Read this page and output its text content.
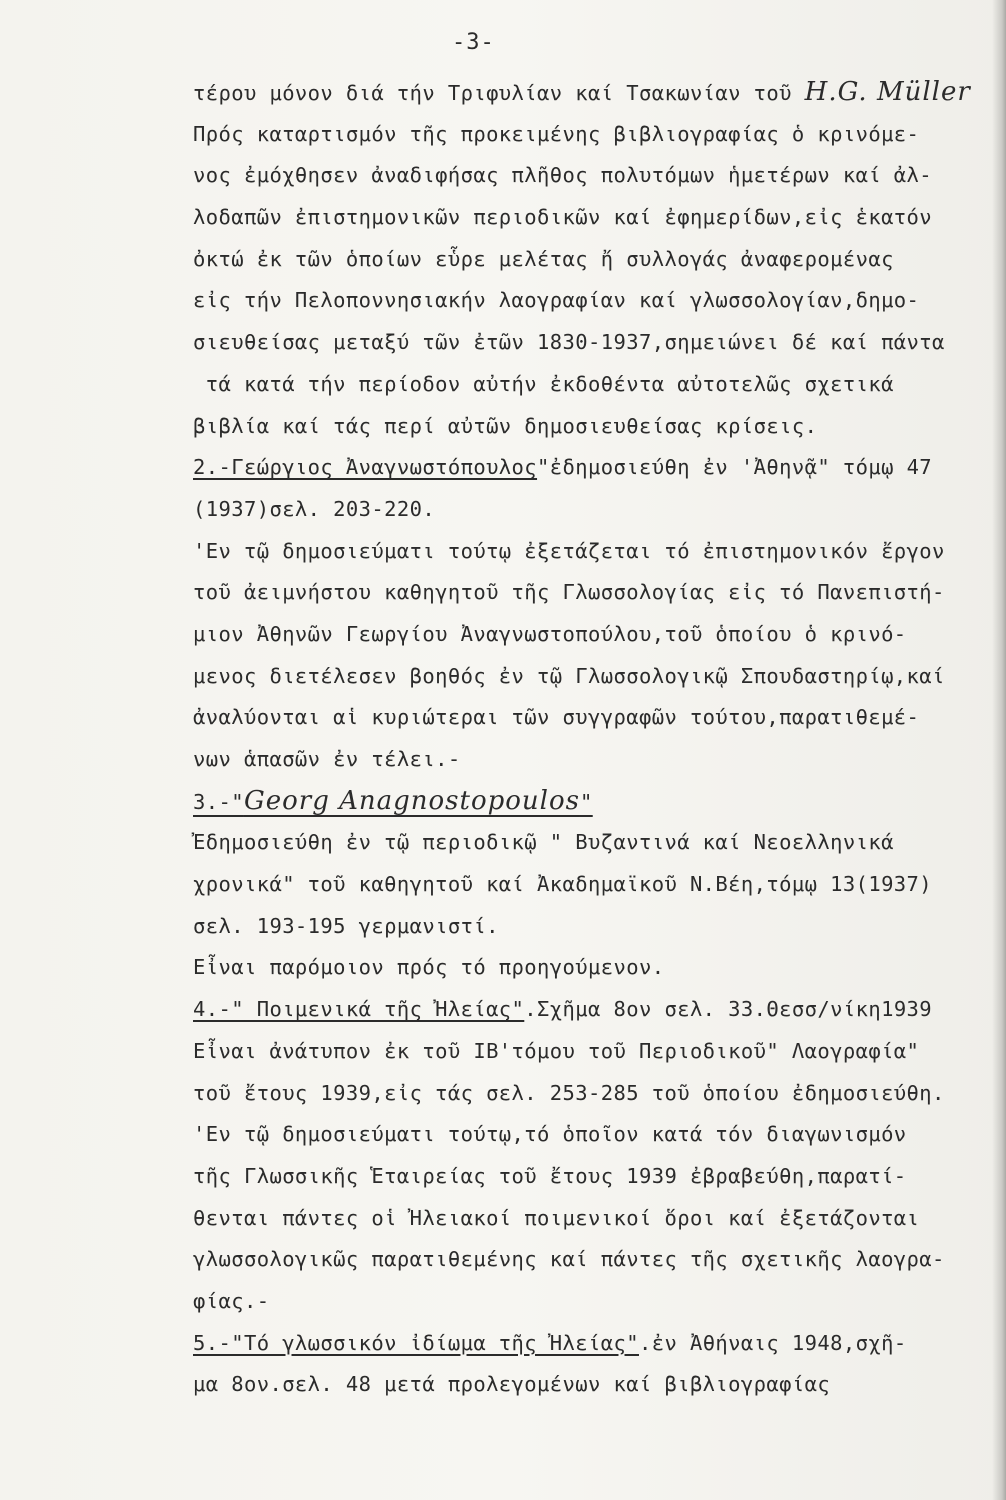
-3-
τέρου μόνον διά τήν Τριφυλίαν καί Τσακωνίαν τοῦ H.G. Müller
Πρός καταρτισμόν τῆς προκειμένης βιβλιογραφίας ὁ κρινόμε-
νος ἐμόχθησεν ἀναδιφήσας πλῆθος πολυτόμων ἡμετέρων καί ἀλ-
λοδαπῶν ἐπιστημονικῶν περιοδικῶν καί ἐφημερίδων,εἰς ἑκατόν
ὀκτώ ἐκ τῶν ὁποίων εὗρε μελέτας ἤ συλλογάς ἀναφερομένας
εἰς τήν Πελοποννησιακήν λαογραφίαν καί γλωσσολογίαν,δημο-
σιευθείσας μεταξύ τῶν ἐτῶν 1830-1937,σημειώνει δέ καί πάντα
τά κατά τήν περίοδον αὐτήν ἐκδοθέντα αὐτοτελῶς σχετικά
βιβλία καί τάς περί αὐτῶν δημοσιευθείσας κρίσεις.
2.-Γεώργιος Ἀναγνωστόπουλος"ἐδημοσιεύθη ἐν 'Ἀθηνᾷ" τόμῳ 47
(1937)σελ. 203-220.
'Εν τῷ δημοσιεύματι τούτῳ ἐξετάζεται τό ἐπιστημονικόν ἔργον
τοῦ ἀειμνήστου καθηγητοῦ τῆς Γλωσσολογίας εἰς τό Πανεπιστή-
μιον Ἀθηνῶν Γεωργίου Ἀναγνωστοπούλου,τοῦ ὁποίου ὁ κρινό-
μενος διετέλεσεν βοηθός ἐν τῷ Γλωσσολογικῷ Σπουδαστηρίῳ,καί
ἀναλύονται αἱ κυριώτεραι τῶν συγγραφῶν τούτου,παρατιθεμέ-
νων ἁπασῶν ἐν τέλει.-
3.-"Georg Anagnostopoulos"
Ἐδημοσιεύθη ἐν τῷ περιοδικῷ " Βυζαντινά καί Νεοελληνικά
χρονικά" τοῦ καθηγητοῦ καί Ἀκαδημαϊκοῦ Ν.Βέη,τόμῳ 13(1937)
σελ. 193-195 γερμανιστί.
Εἶναι παρόμοιον πρός τό προηγούμενον.
4.-" Ποιμενικά τῆς Ἠλείας".Σχῆμα 8ον σελ. 33.Θεσσ/νίκη1939
Εἶναι ἀνάτυπον ἐκ τοῦ ΙΒ'τόμου τοῦ Περιοδικοῦ" Λαογραφία"
τοῦ ἔτους 1939,εἰς τάς σελ. 253-285 τοῦ ὁποίου ἐδημοσιεύθη.
'Εν τῷ δημοσιεύματι τούτῳ,τό ὁποῖον κατά τόν διαγωνισμόν
τῆς Γλωσσικῆς Ἑταιρείας τοῦ ἔτους 1939 ἐβραβεύθη,παρατί-
θενται πάντες οἱ Ἠλειακοί ποιμενικοί ὅροι καί ἐξετάζονται
γλωσσολογικῶς παρατιθεμένης καί πάντες τῆς σχετικῆς λαογρα-
φίας.-
5.-"Τό γλωσσικόν ἰδίωμα τῆς Ἠλείας".ἐν Ἀθήναις 1948,σχῆ-
μα 8ον.σελ. 48 μετά προλεγομένων καί βιβλιογραφίας
